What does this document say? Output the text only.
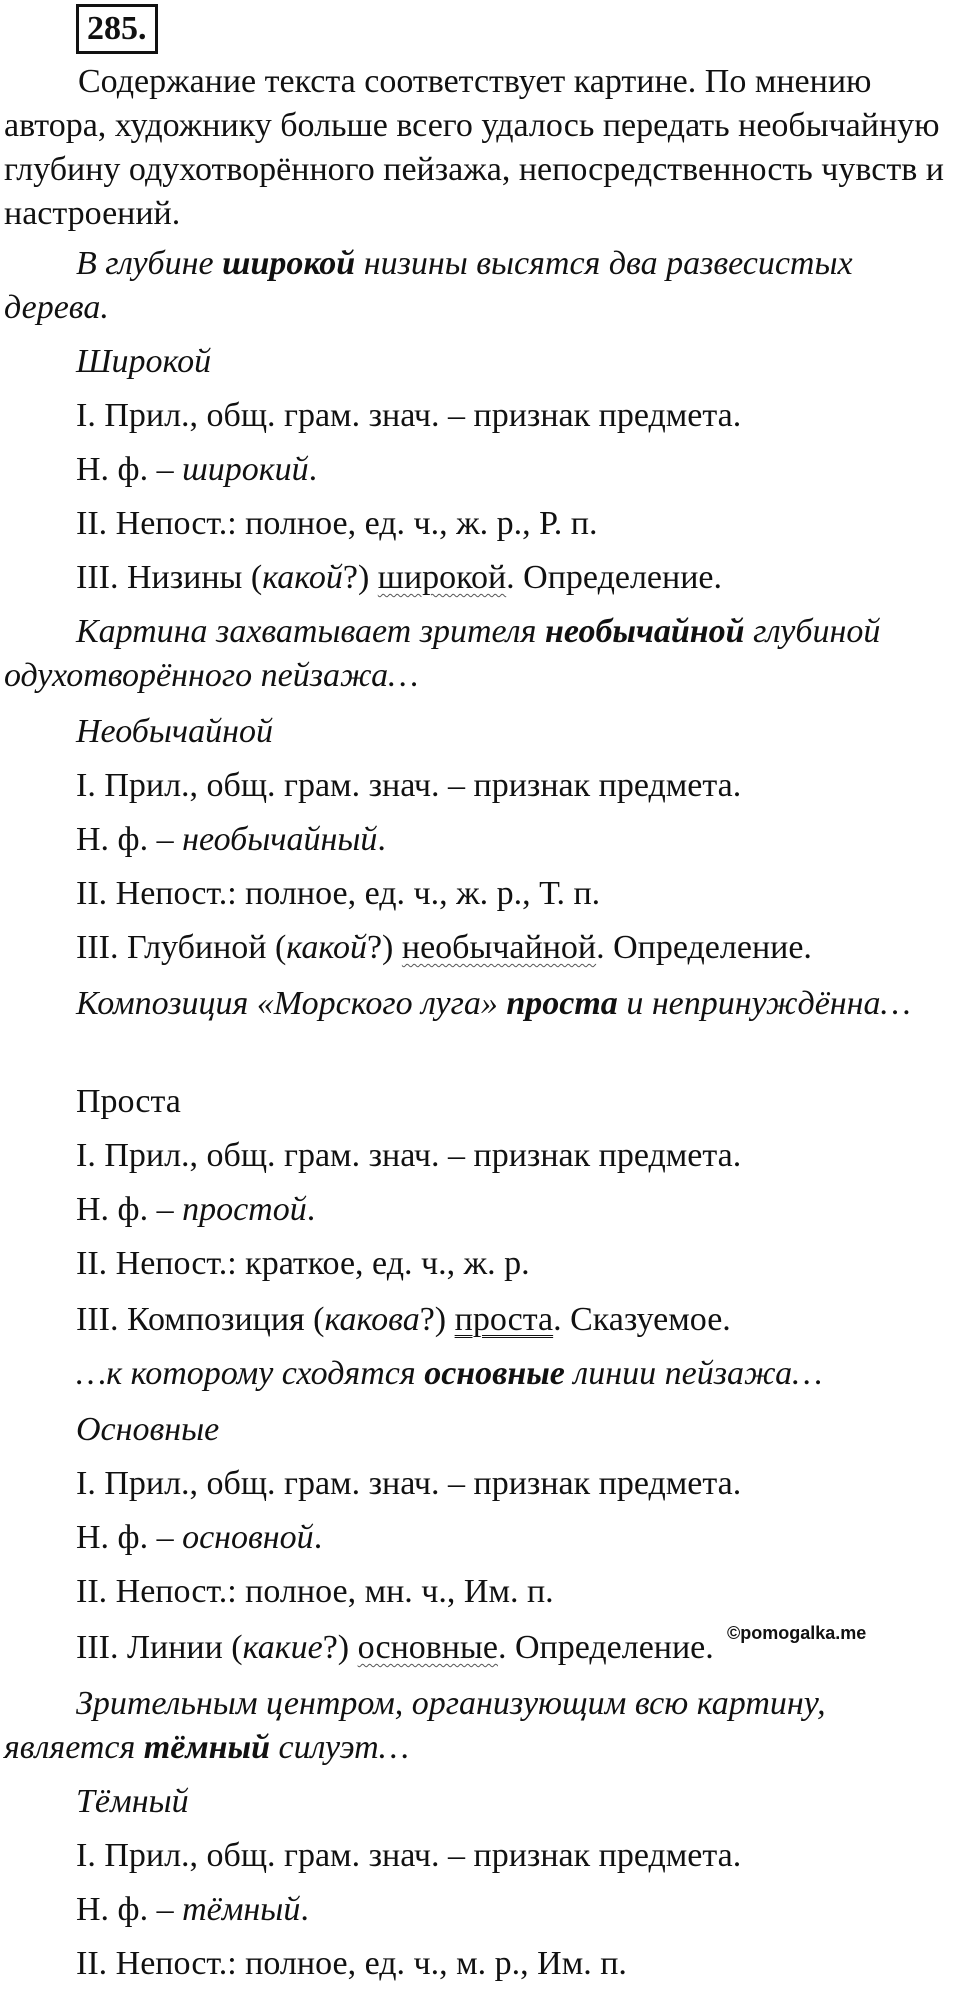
285.

Содержание текста соответствует картине. По мнению автора, художнику больше всего удалось передать необычайную глубину одухотворённого пейзажа, непосредственность чувств и настроений.

В глубине широкой низины высятся два развесистых дерева.

Широкой
I. Прил., общ. грам. знач. – признак предмета.
Н. ф. – широкий.
II. Непост.: полное, ед. ч., ж. р., Р. п.
III. Низины (какой?) широкой. Определение.

Картина захватывает зрителя необычайной глубиной одухотворённого пейзажа…

Необычайной
I. Прил., общ. грам. знач. – признак предмета.
Н. ф. – необычайный.
II. Непост.: полное, ед. ч., ж. р., Т. п.
III. Глубиной (какой?) необычайной. Определение.

Композиция «Морского луга» проста и непринуждённа…

Проста
I. Прил., общ. грам. знач. – признак предмета.
Н. ф. – простой.
II. Непост.: краткое, ед. ч., ж. р.
III. Композиция (какова?) проста. Сказуемое.

…к которому сходятся основные линии пейзажа…

Основные
I. Прил., общ. грам. знач. – признак предмета.
Н. ф. – основной.
II. Непост.: полное, мн. ч., Им. п.
III. Линии (какие?) основные. Определение. ©pomogalka.me

Зрительным центром, организующим всю картину, является тёмный силуэт…

Тёмный
I. Прил., общ. грам. знач. – признак предмета.
Н. ф. – тёмный.
II. Непост.: полное, ед. ч., м. р., Им. п.
